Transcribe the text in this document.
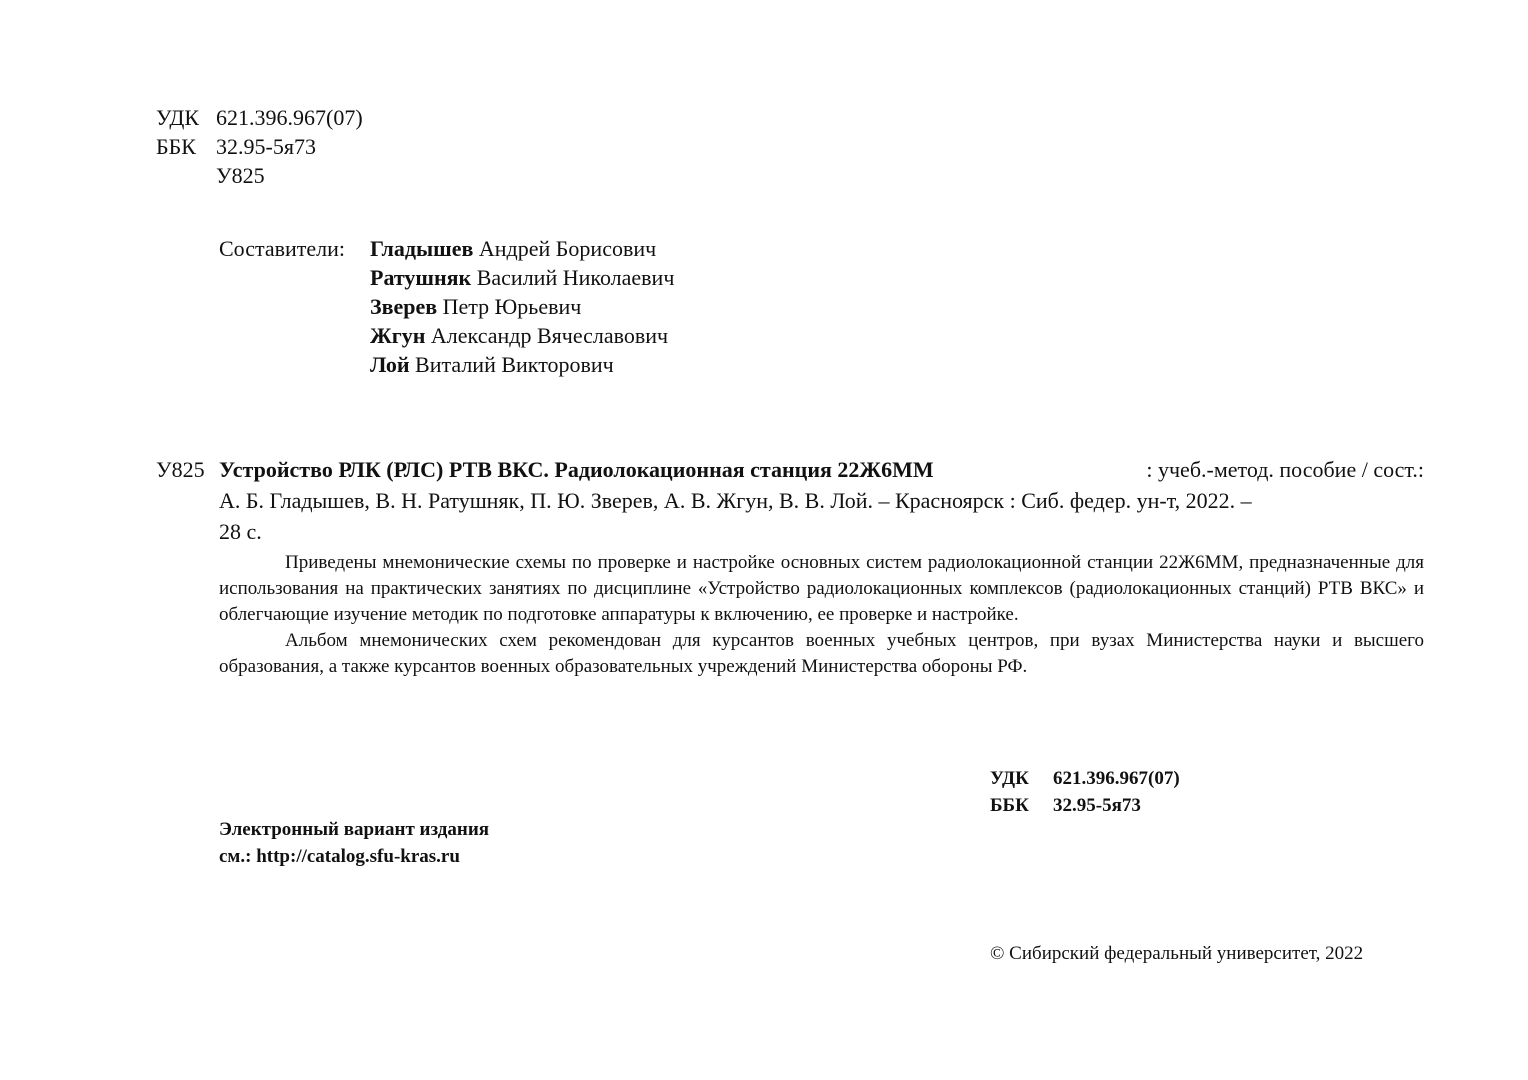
УДК 621.396.967(07)
ББК 32.95-5я73
У825
Составители: Гладышев Андрей Борисович
Ратушняк Василий Николаевич
Зверев Петр Юрьевич
Жгун Александр Вячеславович
Лой Виталий Викторович
У825 Устройство РЛК (РЛС) РТВ ВКС. Радиолокационная станция 22Ж6ММ	: учеб.-метод. пособие / сост.:
А. Б. Гладышев, В. Н. Ратушняк, П. Ю. Зверев, А. В. Жгун, В. В. Лой. – Красноярск : Сиб. федер. ун-т, 2022. –
28 с.

Приведены мнемонические схемы по проверке и настройке основных систем радиолокационной станции 22Ж6ММ, предназначенные для использования на практических занятиях по дисциплине «Устройство радиолокационных комплексов (радиолокационных станций) РТВ ВКС» и облегчающие изучение методик по подготовке аппаратуры к включению, ее проверке и настройке.

Альбом мнемонических схем рекомендован для курсантов военных учебных центров, при вузах Министерства науки и высшего образования, а также курсантов военных образовательных учреждений Министерства обороны РФ.

УДК 621.396.967(07)
ББК 32.95-5я73
Электронный вариант издания
см.: http://catalog.sfu-kras.ru
© Сибирский федеральный университет, 2022
